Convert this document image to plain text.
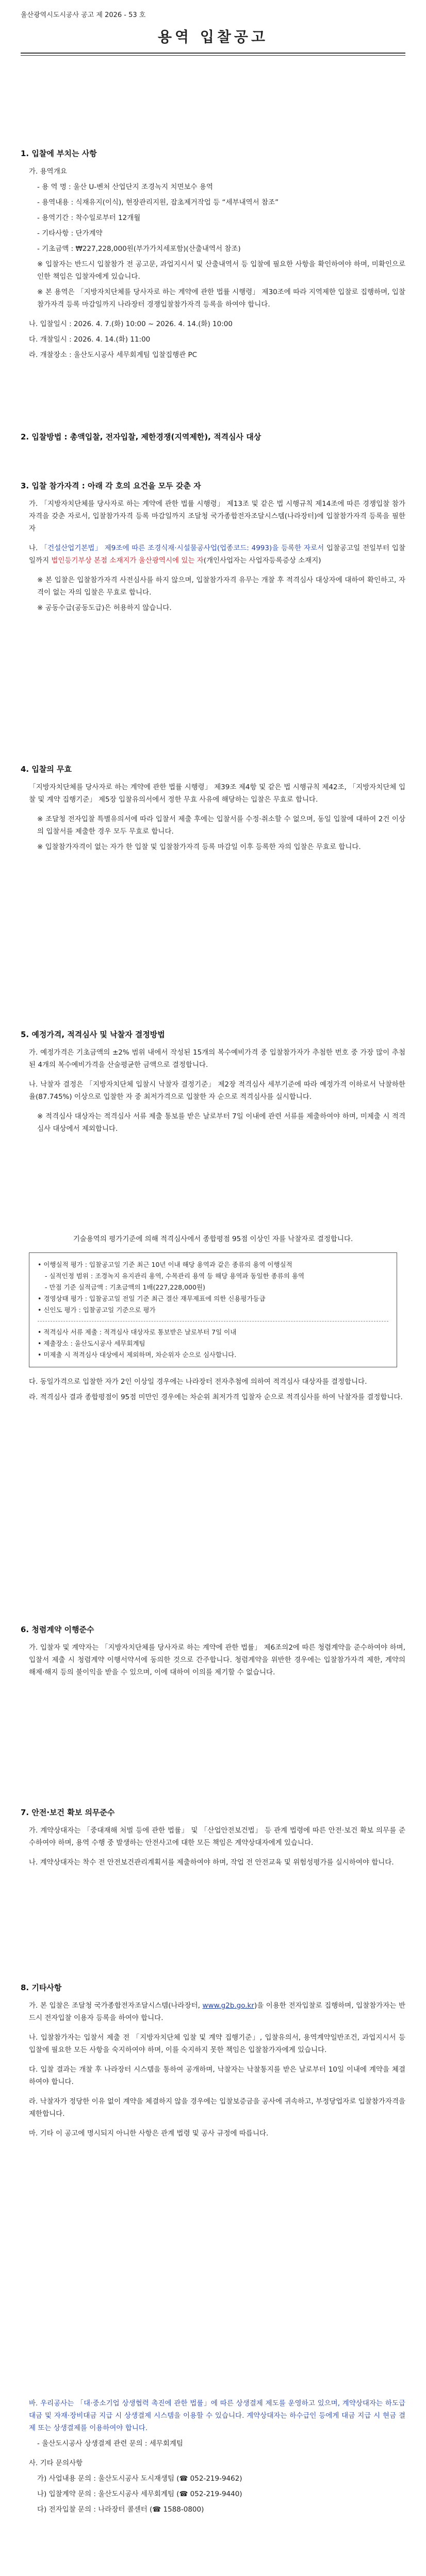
울산광역시도시공사 공고 제 2026 - 53 호
용역 입찰공고
1. 입찰에 부치는 사항
가. 용역개요
- 용 역 명 : 울산 U-벤처 산업단지 조경녹지 치면보수 용역
- 용역내용 : 식재유지(이식), 현장관리지원, 잡초제거작업 등 “세부내역서 참조”
- 용역기간 : 착수일로부터 12개월
- 기타사항 : 단가계약
- 기초금액 : ₩227,228,000원(부가가치세포함)(산출내역서 참조)
※ 입찰자는 반드시 입찰참가 전 공고문, 과업지시서 및 산출내역서 등 입찰에 필요한 사항을 확인하여야 하며, 미확인으로 인한 책임은 입찰자에게 있습니다.
※ 본 용역은 「지방자치단체를 당사자로 하는 계약에 관한 법률 시행령」 제30조에 따라 지역제한 입찰로 집행하며, 입찰참가자격 등록 마감일까지 나라장터 경쟁입찰참가자격 등록을 하여야 합니다.
나. 입찰일시 : 2026. 4. 7.(화) 10:00 ~ 2026. 4. 14.(화) 10:00
다. 개찰일시 : 2026. 4. 14.(화) 11:00
라. 개찰장소 : 울산도시공사 세무회계팀 입찰집행관 PC
2. 입찰방법 : 총액입찰, 전자입찰, 제한경쟁(지역제한), 적격심사 대상
3. 입찰 참가자격 : 아래 각 호의 요건을 모두 갖춘 자
가. 「지방자치단체를 당사자로 하는 계약에 관한 법률 시행령」 제13조 및 같은 법 시행규칙 제14조에 따른 경쟁입찰 참가자격을 갖춘 자로서, 입찰참가자격 등록 마감일까지 조달청 국가종합전자조달시스템(나라장터)에 입찰참가자격 등록을 필한 자
나. 「건설산업기본법」 제9조에 따른 조경식재·시설물공사업(업종코드: 4993)을 등록한 자로서 입찰공고일 전일부터 입찰일까지 법인등기부상 본점 소재지가 울산광역시에 있는 자(개인사업자는 사업자등록증상 소재지)
※ 본 입찰은 입찰참가자격 사전심사를 하지 않으며, 입찰참가자격 유무는 개찰 후 적격심사 대상자에 대하여 확인하고, 자격이 없는 자의 입찰은 무효로 합니다.
※ 공동수급(공동도급)은 허용하지 않습니다.
4. 입찰의 무효
「지방자치단체를 당사자로 하는 계약에 관한 법률 시행령」 제39조 제4항 및 같은 법 시행규칙 제42조, 「지방자치단체 입찰 및 계약 집행기준」 제5장 입찰유의서에서 정한 무효 사유에 해당하는 입찰은 무효로 합니다.
※ 조달청 전자입찰 특별유의서에 따라 입찰서 제출 후에는 입찰서를 수정·취소할 수 없으며, 동일 입찰에 대하여 2건 이상의 입찰서를 제출한 경우 모두 무효로 합니다.
※ 입찰참가자격이 없는 자가 한 입찰 및 입찰참가자격 등록 마감일 이후 등록한 자의 입찰은 무효로 합니다.
5. 예정가격, 적격심사 및 낙찰자 결정방법
가. 예정가격은 기초금액의 ±2% 범위 내에서 작성된 15개의 복수예비가격 중 입찰참가자가 추첨한 번호 중 가장 많이 추첨된 4개의 복수예비가격을 산술평균한 금액으로 결정합니다.
나. 낙찰자 결정은 「지방자치단체 입찰시 낙찰자 결정기준」 제2장 적격심사 세부기준에 따라 예정가격 이하로서 낙찰하한율(87.745%) 이상으로 입찰한 자 중 최저가격으로 입찰한 자 순으로 적격심사를 실시합니다.
※ 적격심사 대상자는 적격심사 서류 제출 통보를 받은 날로부터 7일 이내에 관련 서류를 제출하여야 하며, 미제출 시 적격심사 대상에서 제외합니다.
기술용역의 평가기준에 의해 적격심사에서 종합평점 95점 이상인 자를 낙찰자로 결정합니다.
• 이행실적 평가 : 입찰공고일 기준 최근 10년 이내 해당 용역과 같은 종류의 용역 이행실적
- 실적인정 범위 : 조경녹지 유지관리 용역, 수목관리 용역 등 해당 용역과 동일한 종류의 용역
- 만점 기준 실적금액 : 기초금액의 1배(227,228,000원)
• 경영상태 평가 : 입찰공고일 전일 기준 최근 결산 재무제표에 의한 신용평가등급
• 신인도 평가 : 입찰공고일 기준으로 평가
• 적격심사 서류 제출 : 적격심사 대상자로 통보받은 날로부터 7일 이내
• 제출장소 : 울산도시공사 세무회계팀
• 미제출 시 적격심사 대상에서 제외하며, 차순위자 순으로 심사합니다.
다. 동일가격으로 입찰한 자가 2인 이상일 경우에는 나라장터 전자추첨에 의하여 적격심사 대상자를 결정합니다.
라. 적격심사 결과 종합평점이 95점 미만인 경우에는 차순위 최저가격 입찰자 순으로 적격심사를 하여 낙찰자를 결정합니다.
6. 청렴계약 이행준수
가. 입찰자 및 계약자는 「지방자치단체를 당사자로 하는 계약에 관한 법률」 제6조의2에 따른 청렴계약을 준수하여야 하며, 입찰서 제출 시 청렴계약 이행서약서에 동의한 것으로 간주합니다. 청렴계약을 위반한 경우에는 입찰참가자격 제한, 계약의 해제·해지 등의 불이익을 받을 수 있으며, 이에 대하여 이의를 제기할 수 없습니다.
7. 안전·보건 확보 의무준수
가. 계약상대자는 「중대재해 처벌 등에 관한 법률」 및 「산업안전보건법」 등 관계 법령에 따른 안전·보건 확보 의무를 준수하여야 하며, 용역 수행 중 발생하는 안전사고에 대한 모든 책임은 계약상대자에게 있습니다.
나. 계약상대자는 착수 전 안전보건관리계획서를 제출하여야 하며, 작업 전 안전교육 및 위험성평가를 실시하여야 합니다.
8. 기타사항
가. 본 입찰은 조달청 국가종합전자조달시스템(나라장터, www.g2b.go.kr)을 이용한 전자입찰로 집행하며, 입찰참가자는 반드시 전자입찰 이용자 등록을 하여야 합니다.
나. 입찰참가자는 입찰서 제출 전 「지방자치단체 입찰 및 계약 집행기준」, 입찰유의서, 용역계약일반조건, 과업지시서 등 입찰에 필요한 모든 사항을 숙지하여야 하며, 이를 숙지하지 못한 책임은 입찰참가자에게 있습니다.
다. 입찰 결과는 개찰 후 나라장터 시스템을 통하여 공개하며, 낙찰자는 낙찰통지를 받은 날로부터 10일 이내에 계약을 체결하여야 합니다.
라. 낙찰자가 정당한 이유 없이 계약을 체결하지 않을 경우에는 입찰보증금을 공사에 귀속하고, 부정당업자로 입찰참가자격을 제한합니다.
마. 기타 이 공고에 명시되지 아니한 사항은 관계 법령 및 공사 규정에 따릅니다.
바. 우리공사는 「대·중소기업 상생협력 촉진에 관한 법률」에 따른 상생결제 제도를 운영하고 있으며, 계약상대자는 하도급대금 및 자재·장비대금 지급 시 상생결제 시스템을 이용할 수 있습니다. 계약상대자는 하수급인 등에게 대금 지급 시 현금 결제 또는 상생결제를 이용하여야 합니다.
- 울산도시공사 상생결제 관련 문의 : 세무회계팀
사. 기타 문의사항
가) 사업내용 문의 : 울산도시공사 도시재생팀 (☎ 052-219-9462)
나) 입찰계약 문의 : 울산도시공사 세무회계팀 (☎ 052-219-9440)
다) 전자입찰 문의 : 나라장터 콜센터 (☎ 1588-0800)
